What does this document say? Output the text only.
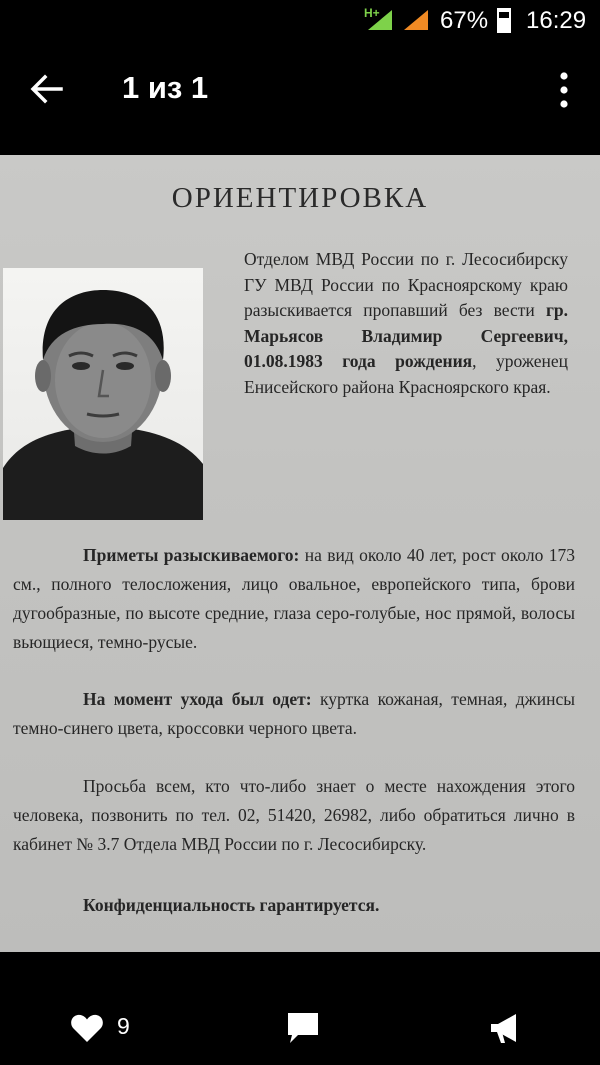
H+	67% 16:29
1 из 1
ОРИЕНТИРОВКА
Отделом МВД России по г. Лесосибирску ГУ МВД России по Красноярскому краю разыскивается пропавший без вести гр. Марьясов Владимир Сергеевич, 01.08.1983 года рождения, уроженец Енисейского района Красноярского края.
Приметы разыскиваемого: на вид около 40 лет, рост около 173 см., полного телосложения, лицо овальное, европейского типа, брови дугообразные, по высоте средние, глаза серо-голубые, нос прямой, волосы вьющиеся, темно-русые.
На момент ухода был одет: куртка кожаная, темная, джинсы темно-синего цвета, кроссовки черного цвета.
Просьба всем, кто что-либо знает о месте нахождения этого человека, позвонить по тел. 02, 51420, 26982, либо обратиться лично в кабинет № 3.7 Отдела МВД России по г. Лесосибирску.
Конфиденциальность гарантируется.
9
